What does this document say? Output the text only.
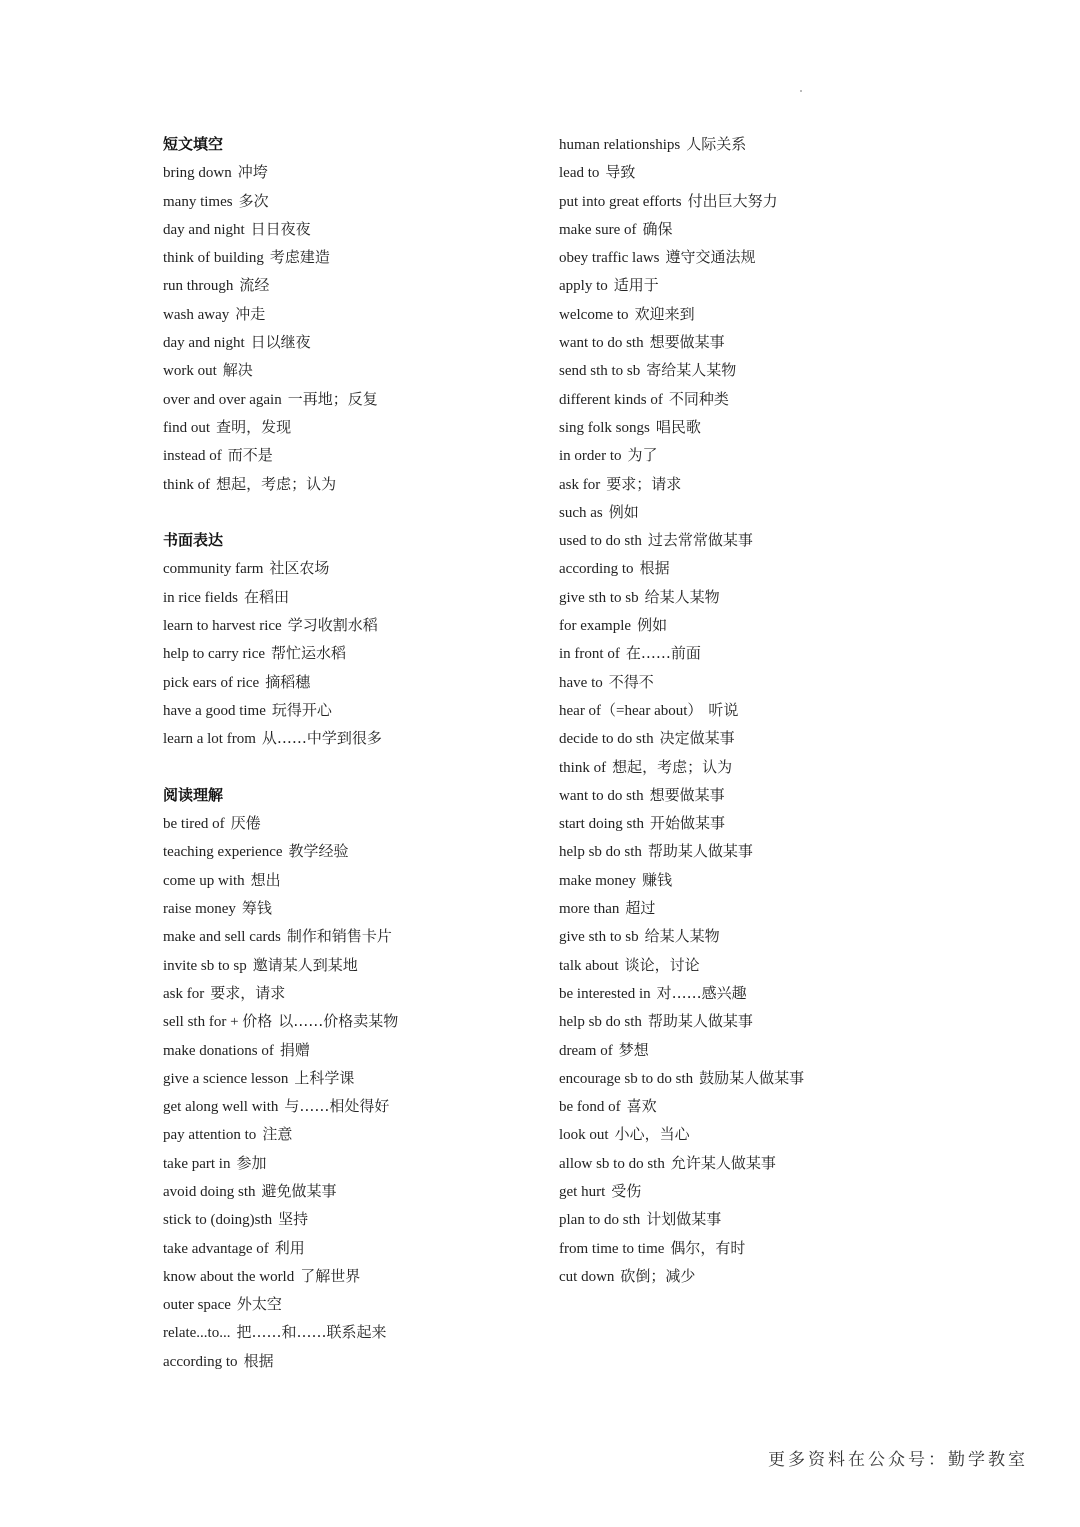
短文填空
bring down 冲垮
many times 多次
day and night 日日夜夜
think of building 考虑建造
run through 流经
wash away 冲走
day and night 日以继夜
work out 解决
over and over again 一再地；反复
find out 查明，发现
instead of 而不是
think of 想起，考虑；认为
书面表达
community farm 社区农场
in rice fields 在稻田
learn to harvest rice 学习收割水稻
help to carry rice 帮忙运水稻
pick ears of rice 摘稻穗
have a good time 玩得开心
learn a lot from 从……中学到很多
阅读理解
be tired of 厌倦
teaching experience 教学经验
come up with 想出
raise money 筹钱
make and sell cards 制作和销售卡片
invite sb to sp 邀请某人到某地
ask for 要求，请求
sell sth for + 价格 以……价格卖某物
make donations of 捐赠
give a science lesson 上科学课
get along well with 与……相处得好
pay attention to 注意
take part in 参加
avoid doing sth 避免做某事
stick to (doing)sth 坚持
take advantage of 利用
know about the world 了解世界
outer space 外太空
relate...to... 把……和……联系起来
according to 根据
human relationships 人际关系
lead to 导致
put into great efforts 付出巨大努力
make sure of 确保
obey traffic laws 遵守交通法规
apply to 适用于
welcome to 欢迎来到
want to do sth 想要做某事
send sth to sb 寄给某人某物
different kinds of 不同种类
sing folk songs 唱民歌
in order to 为了
ask for 要求；请求
such as 例如
used to do sth 过去常常做某事
according to 根据
give sth to sb 给某人某物
for example 例如
in front of 在……前面
have to 不得不
hear of（=hear about） 听说
decide to do sth 决定做某事
think of 想起，考虑；认为
want to do sth 想要做某事
start doing sth 开始做某事
help sb do sth 帮助某人做某事
make money 赚钱
more than 超过
give sth to sb 给某人某物
talk about 谈论，讨论
be interested in 对……感兴趣
help sb do sth 帮助某人做某事
dream of 梦想
encourage sb to do sth 鼓励某人做某事
be fond of 喜欢
look out 小心，当心
allow sb to do sth 允许某人做某事
get hurt 受伤
plan to do sth 计划做某事
from time to time 偶尔，有时
cut down 砍倒；减少
更多资料在公众号：勤学教室
